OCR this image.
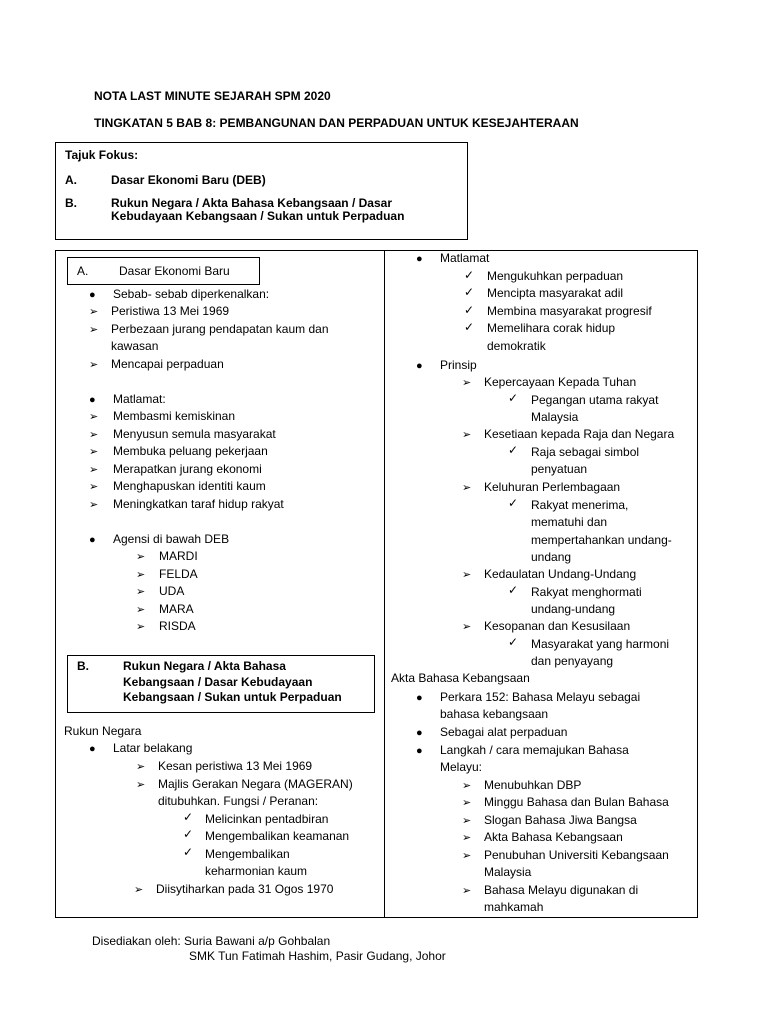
NOTA LAST MINUTE SEJARAH SPM 2020
TINGKATAN 5 BAB 8: PEMBANGUNAN DAN PERPADUAN UNTUK KESEJAHTERAAN
Tajuk Fokus:
A.	Dasar Ekonomi Baru (DEB)
B.	Rukun Negara / Akta Bahasa Kebangsaan / Dasar
Kebudayaan Kebangsaan / Sukan untuk Perpaduan
A.	Dasar Ekonomi Baru
● Sebab- sebab diperkenalkan:
➢ Peristiwa 13 Mei 1969
➢ Perbezaan jurang pendapatan kaum dan
kawasan
➢ Mencapai perpaduan
● Matlamat:
➢ Membasmi kemiskinan
➢ Menyusun semula masyarakat
➢ Membuka peluang pekerjaan
➢ Merapatkan jurang ekonomi
➢ Menghapuskan identiti kaum
➢ Meningkatkan taraf hidup rakyat
● Agensi di bawah DEB
➢ MARDI
➢ FELDA
➢ UDA
➢ MARA
➢ RISDA
B.	Rukun Negara / Akta Bahasa
Kebangsaan / Dasar Kebudayaan
Kebangsaan / Sukan untuk Perpaduan
Rukun Negara
● Latar belakang
➢ Kesan peristiwa 13 Mei 1969
➢ Majlis Gerakan Negara (MAGERAN)
ditubuhkan. Fungsi / Peranan:
✓ Melicinkan pentadbiran
✓ Mengembalikan keamanan
✓ Mengembalikan
keharmonian kaum
➢ Diisytiharkan pada 31 Ogos 1970
● Matlamat
✓ Mengukuhkan perpaduan
✓ Mencipta masyarakat adil
✓ Membina masyarakat progresif
✓ Memelihara corak hidup
demokratik
● Prinsip
➢ Kepercayaan Kepada Tuhan
✓ Pegangan utama rakyat
Malaysia
➢ Kesetiaan kepada Raja dan Negara
✓ Raja sebagai simbol
penyatuan
➢ Keluhuran Perlembagaan
✓ Rakyat menerima,
mematuhi dan
mempertahankan undang-
undang
➢ Kedaulatan Undang-Undang
✓ Rakyat menghormati
undang-undang
➢ Kesopanan dan Kesusilaan
✓ Masyarakat yang harmoni
dan penyayang
Akta Bahasa Kebangsaan
● Perkara 152: Bahasa Melayu sebagai
bahasa kebangsaan
● Sebagai alat perpaduan
● Langkah / cara memajukan Bahasa
Melayu:
➢ Menubuhkan DBP
➢ Minggu Bahasa dan Bulan Bahasa
➢ Slogan Bahasa Jiwa Bangsa
➢ Akta Bahasa Kebangsaan
➢ Penubuhan Universiti Kebangsaan
Malaysia
➢ Bahasa Melayu digunakan di
mahkamah
Disediakan oleh: Suria Bawani a/p Gohbalan
SMK Tun Fatimah Hashim, Pasir Gudang, Johor
